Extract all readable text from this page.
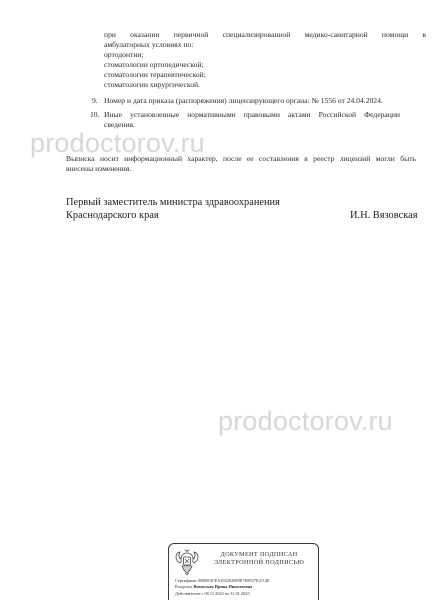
prodoctorov.ru
prodoctorov.ru
при оказании первичной специализированной медико-санитарной помощи в
амбулаторных условиях по:
ортодонтии;
стоматологии ортопедической;
стоматологии терапевтической;
стоматологии хирургической.
9. Номер и дата приказа (распоряжения) лицензирующего органа: № 1556 от 24.04.2024.
10. Иные установленные нормативными правовыми актами Российской Федерации
сведения.
Выписка носит информационный характер, после ее составления в реестр лицензий могли быть
внесены изменения.
Первый заместитель министра здравоохранения
Краснодарского края	И.Н. Вязовская
ДОКУМЕНТ ПОДПИСАН
ЭЛЕКТРОННОЙ ПОДПИСЬЮ
Сертификат 00B0F4CEA493202089E7E0F27E2114E
Владелец Вязовская Ирина Николаевна
Действителен с 08.11.2023 по 31.01.2025
